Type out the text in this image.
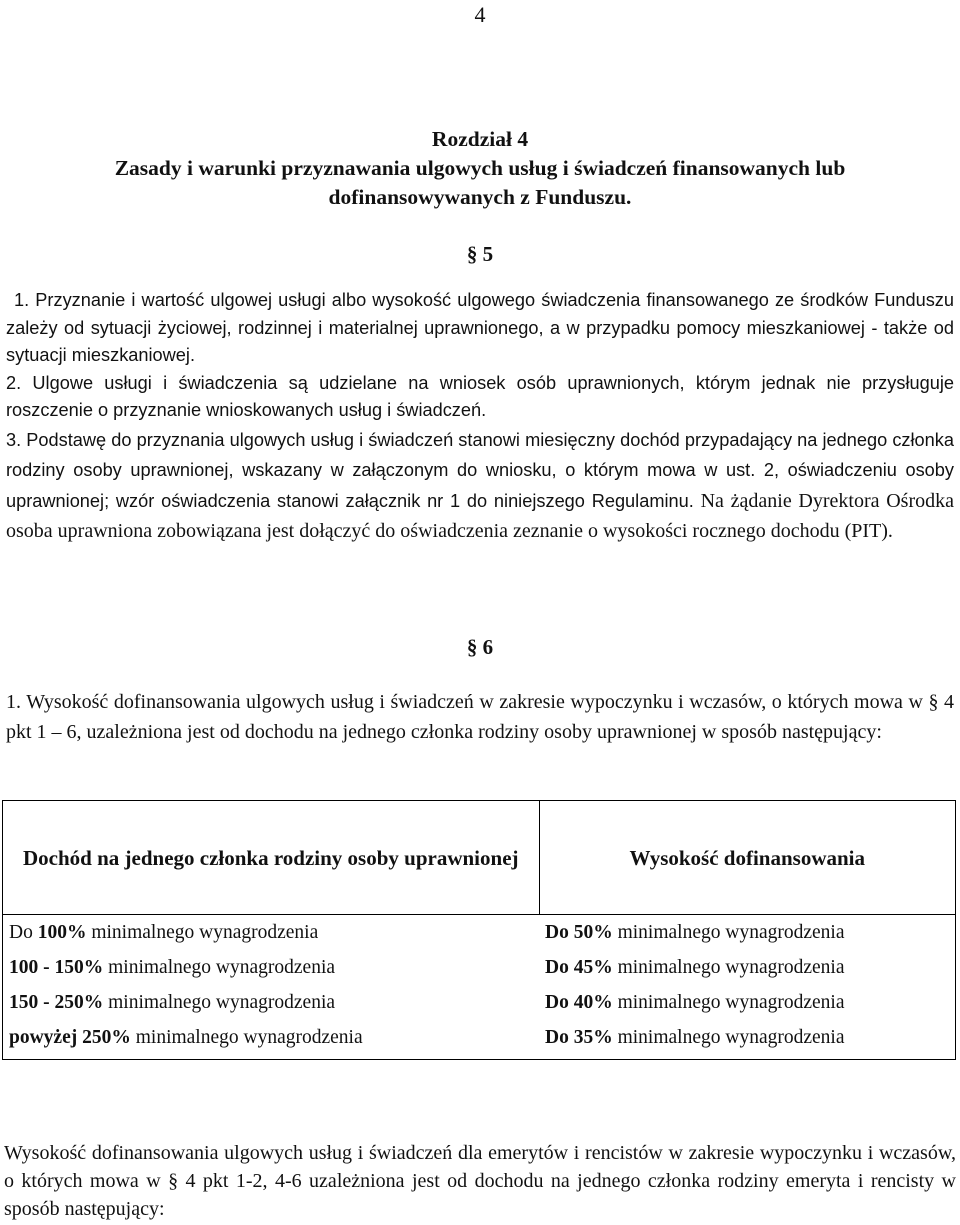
4
Rozdział 4
Zasady i warunki przyznawania ulgowych usług i świadczeń finansowanych lub dofinansowywanych z Funduszu.
§ 5

1. Przyznanie i wartość ulgowej usługi albo wysokość ulgowego świadczenia finansowanego ze środków Funduszu zależy od sytuacji życiowej, rodzinnej i materialnej uprawnionego, a w przypadku pomocy mieszkaniowej - także od sytuacji mieszkaniowej.

2. Ulgowe usługi i świadczenia są udzielane na wniosek osób uprawnionych, którym jednak nie przysługuje roszczenie o przyznanie wnioskowanych usług i świadczeń.

3. Podstawę do przyznania ulgowych usług i świadczeń stanowi miesięczny dochód przypadający na jednego członka rodziny osoby uprawnionej, wskazany w załączonym do wniosku, o którym mowa w ust. 2, oświadczeniu osoby uprawnionej; wzór oświadczenia stanowi załącznik nr 1 do niniejszego Regulaminu. Na żądanie Dyrektora Ośrodka osoba uprawniona zobowiązana jest dołączyć do oświadczenia zeznanie o wysokości rocznego dochodu (PIT).

§ 6

1. Wysokość dofinansowania ulgowych usług i świadczeń w zakresie wypoczynku i wczasów, o których mowa w § 4 pkt 1 – 6, uzależniona jest od dochodu na jednego członka rodziny osoby uprawnionej w sposób następujący:

Dochód na jednego członka rodziny osoby uprawnionej	Wysokość dofinansowania
Do 100% minimalnego wynagrodzenia	Do 50% minimalnego wynagrodzenia
100 - 150% minimalnego wynagrodzenia	Do 45% minimalnego wynagrodzenia
150 - 250% minimalnego wynagrodzenia	Do 40% minimalnego wynagrodzenia
powyżej 250% minimalnego wynagrodzenia	Do 35% minimalnego wynagrodzenia

Wysokość dofinansowania ulgowych usług i świadczeń dla emerytów i rencistów w zakresie wypoczynku i wczasów, o których mowa w § 4 pkt 1-2, 4-6 uzależniona jest od dochodu na jednego członka rodziny emeryta i rencisty w sposób następujący:
